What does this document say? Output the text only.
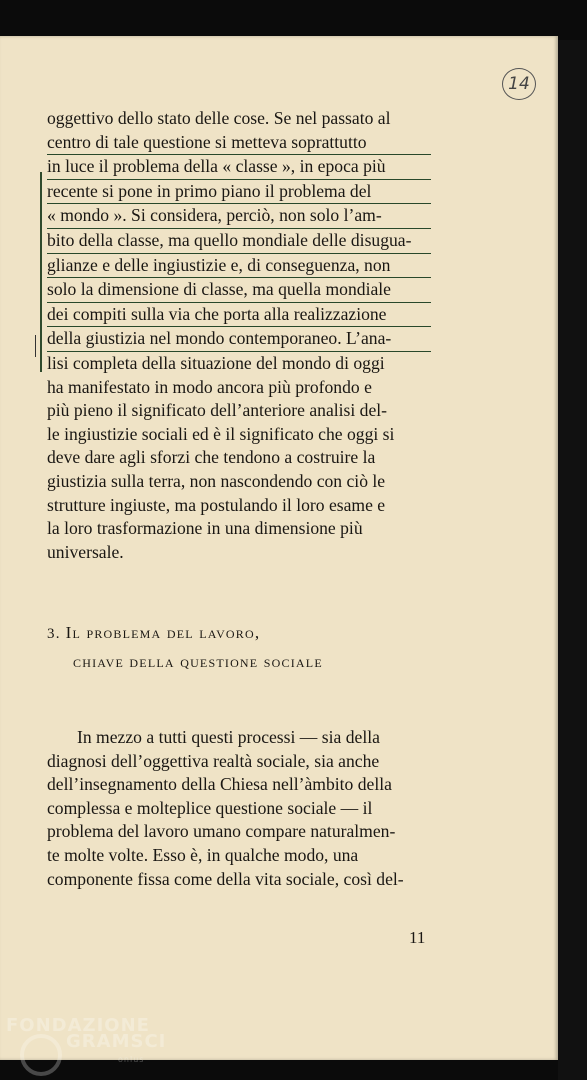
14
oggettivo dello stato delle cose. Se nel passato al
centro di tale questione si metteva soprattutto
in luce il problema della « classe », in epoca più
recente si pone in primo piano il problema del
« mondo ». Si considera, perciò, non solo l’am-
bito della classe, ma quello mondiale delle disugua-
glianze e delle ingiustizie e, di conseguenza, non
solo la dimensione di classe, ma quella mondiale
dei compiti sulla via che porta alla realizzazione
della giustizia nel mondo contemporaneo. L’ana-
lisi completa della situazione del mondo di oggi
ha manifestato in modo ancora più profondo e
più pieno il significato dell’anteriore analisi del-
le ingiustizie sociali ed è il significato che oggi si
deve dare agli sforzi che tendono a costruire la
giustizia sulla terra, non nascondendo con ciò le
strutture ingiuste, ma postulando il loro esame e
la loro trasformazione in una dimensione più
universale.
3. Il problema del lavoro,
chiave della questione sociale
In mezzo a tutti questi processi — sia della
diagnosi dell’oggettiva realtà sociale, sia anche
dell’insegnamento della Chiesa nell’àmbito della
complessa e molteplice questione sociale — il
problema del lavoro umano compare naturalmen-
te molte volte. Esso è, in qualche modo, una
componente fissa come della vita sociale, così del-
11
FONDAZIONE
GRAMSCI
onlus
